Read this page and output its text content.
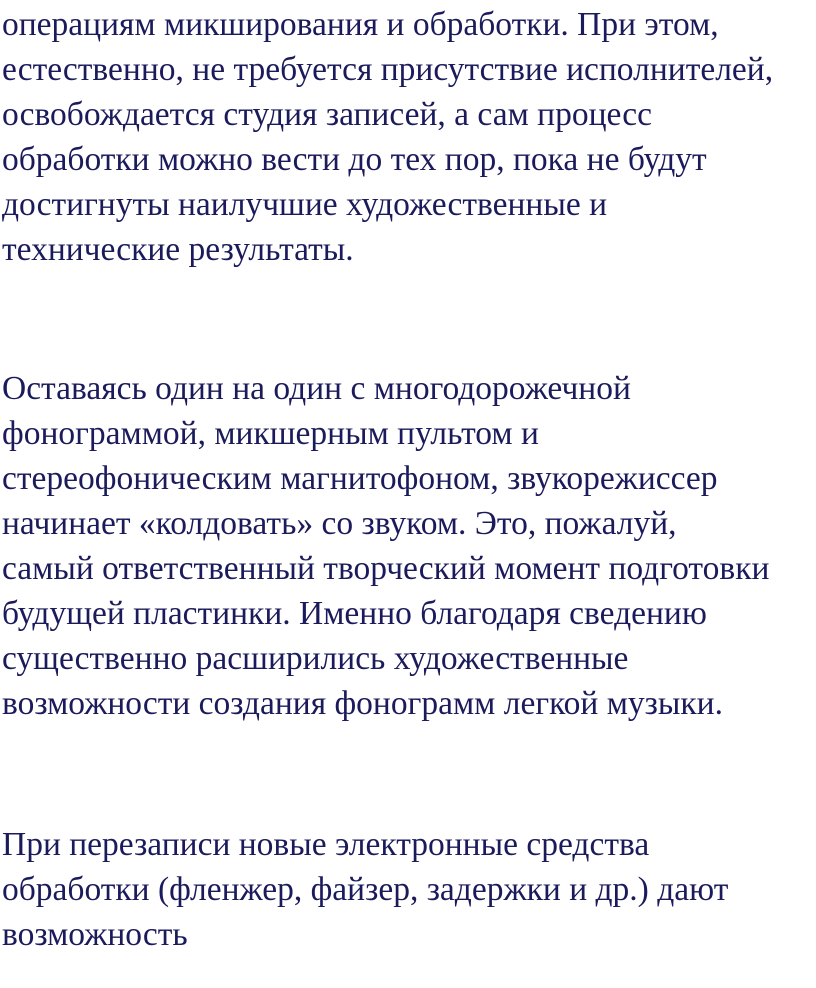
операциям микширования и обработки. При этом,
естественно, не требуется присутствие исполнителей,
освобождается студия записей, а сам процесс
обработки можно вести до тех пор, пока не будут
достигнуты наилучшие художественные и
технические результаты.
Оставаясь один на один с многодорожечной
фонограммой, микшерным пультом и
стереофоническим магнитофоном, звукорежиссер
начинает «колдовать» со звуком. Это, пожалуй,
самый ответственный творческий момент подготовки
будущей пластинки. Именно благодаря сведению
существенно расширились художественные
возможности создания фонограмм легкой музыки.
При перезаписи новые электронные средства
обработки (фленжер, файзер, задержки и др.) дают
возможность
